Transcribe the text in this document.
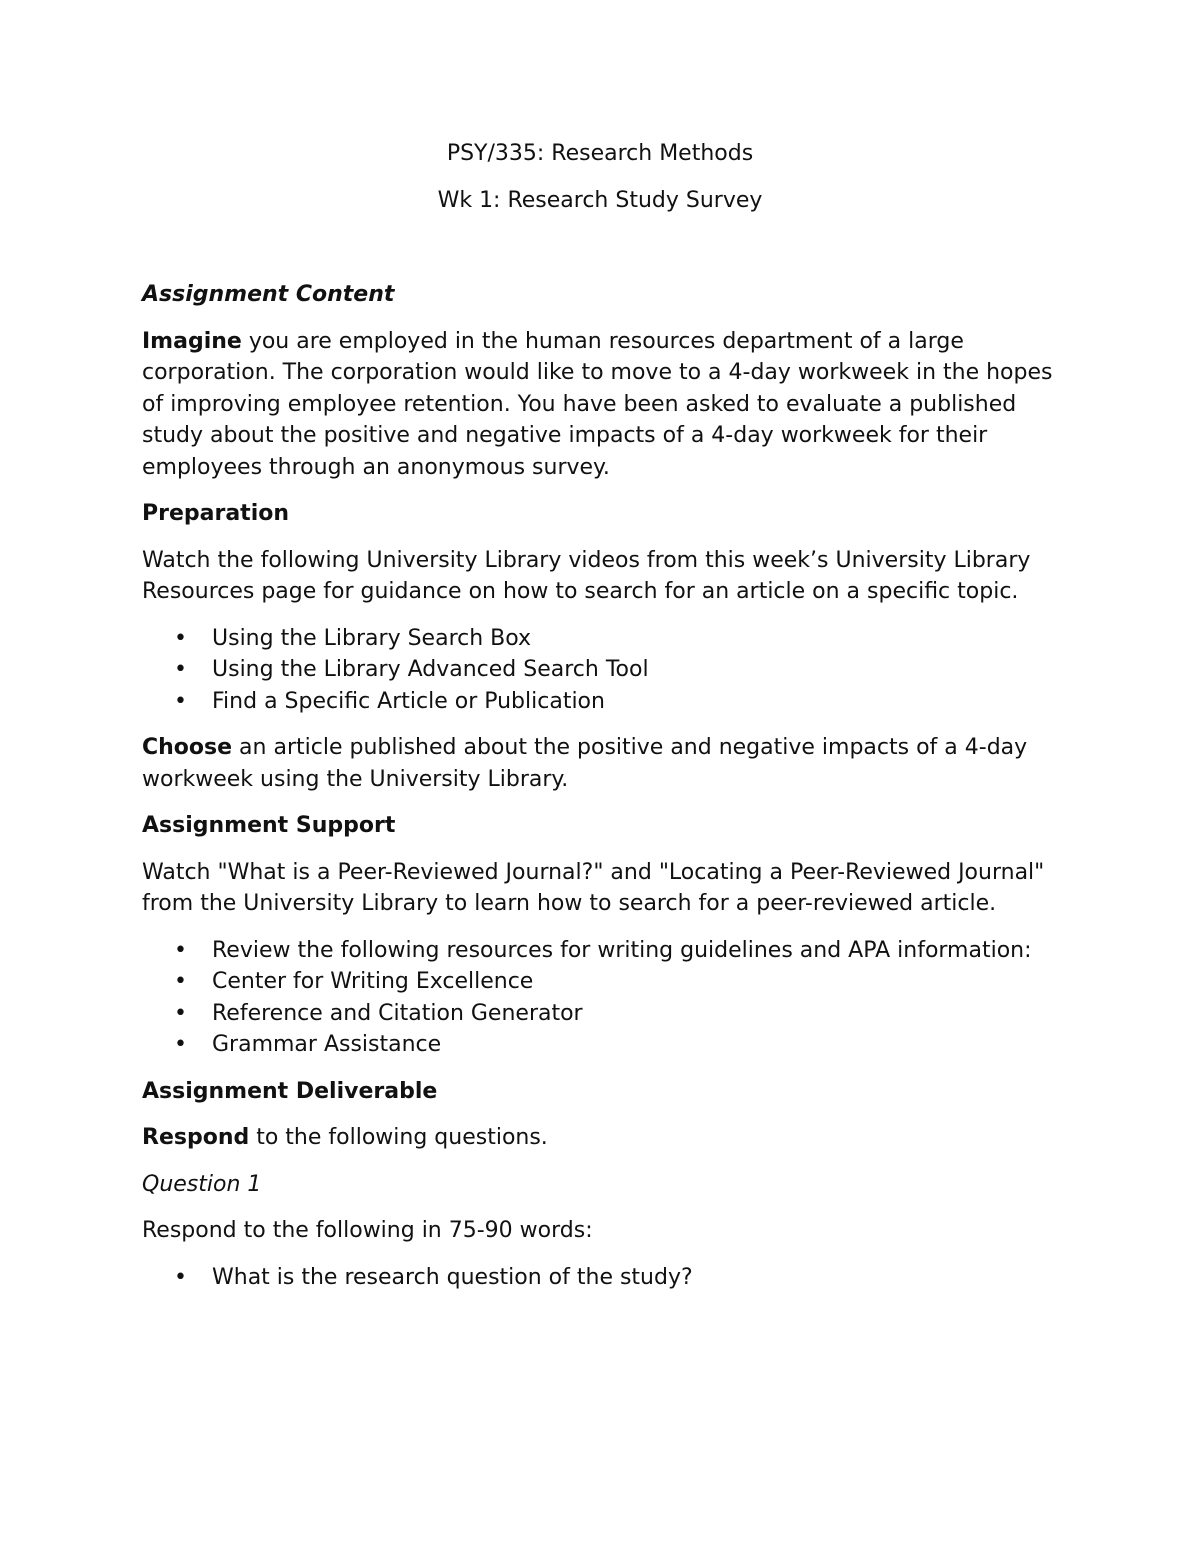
PSY/335: Research Methods
Wk 1: Research Study Survey
Assignment Content

Imagine you are employed in the human resources department of a large corporation. The corporation would like to move to a 4-day workweek in the hopes of improving employee retention. You have been asked to evaluate a published study about the positive and negative impacts of a 4-day workweek for their employees through an anonymous survey.

Preparation

Watch the following University Library videos from this week’s University Library Resources page for guidance on how to search for an article on a specific topic.

• Using the Library Search Box
• Using the Library Advanced Search Tool
• Find a Specific Article or Publication

Choose an article published about the positive and negative impacts of a 4-day workweek using the University Library.

Assignment Support

Watch "What is a Peer-Reviewed Journal?" and "Locating a Peer-Reviewed Journal" from the University Library to learn how to search for a peer-reviewed article.

• Review the following resources for writing guidelines and APA information:
• Center for Writing Excellence
• Reference and Citation Generator
• Grammar Assistance
Assignment Deliverable

Respond to the following questions.

Question 1

Respond to the following in 75-90 words:

• What is the research question of the study?
